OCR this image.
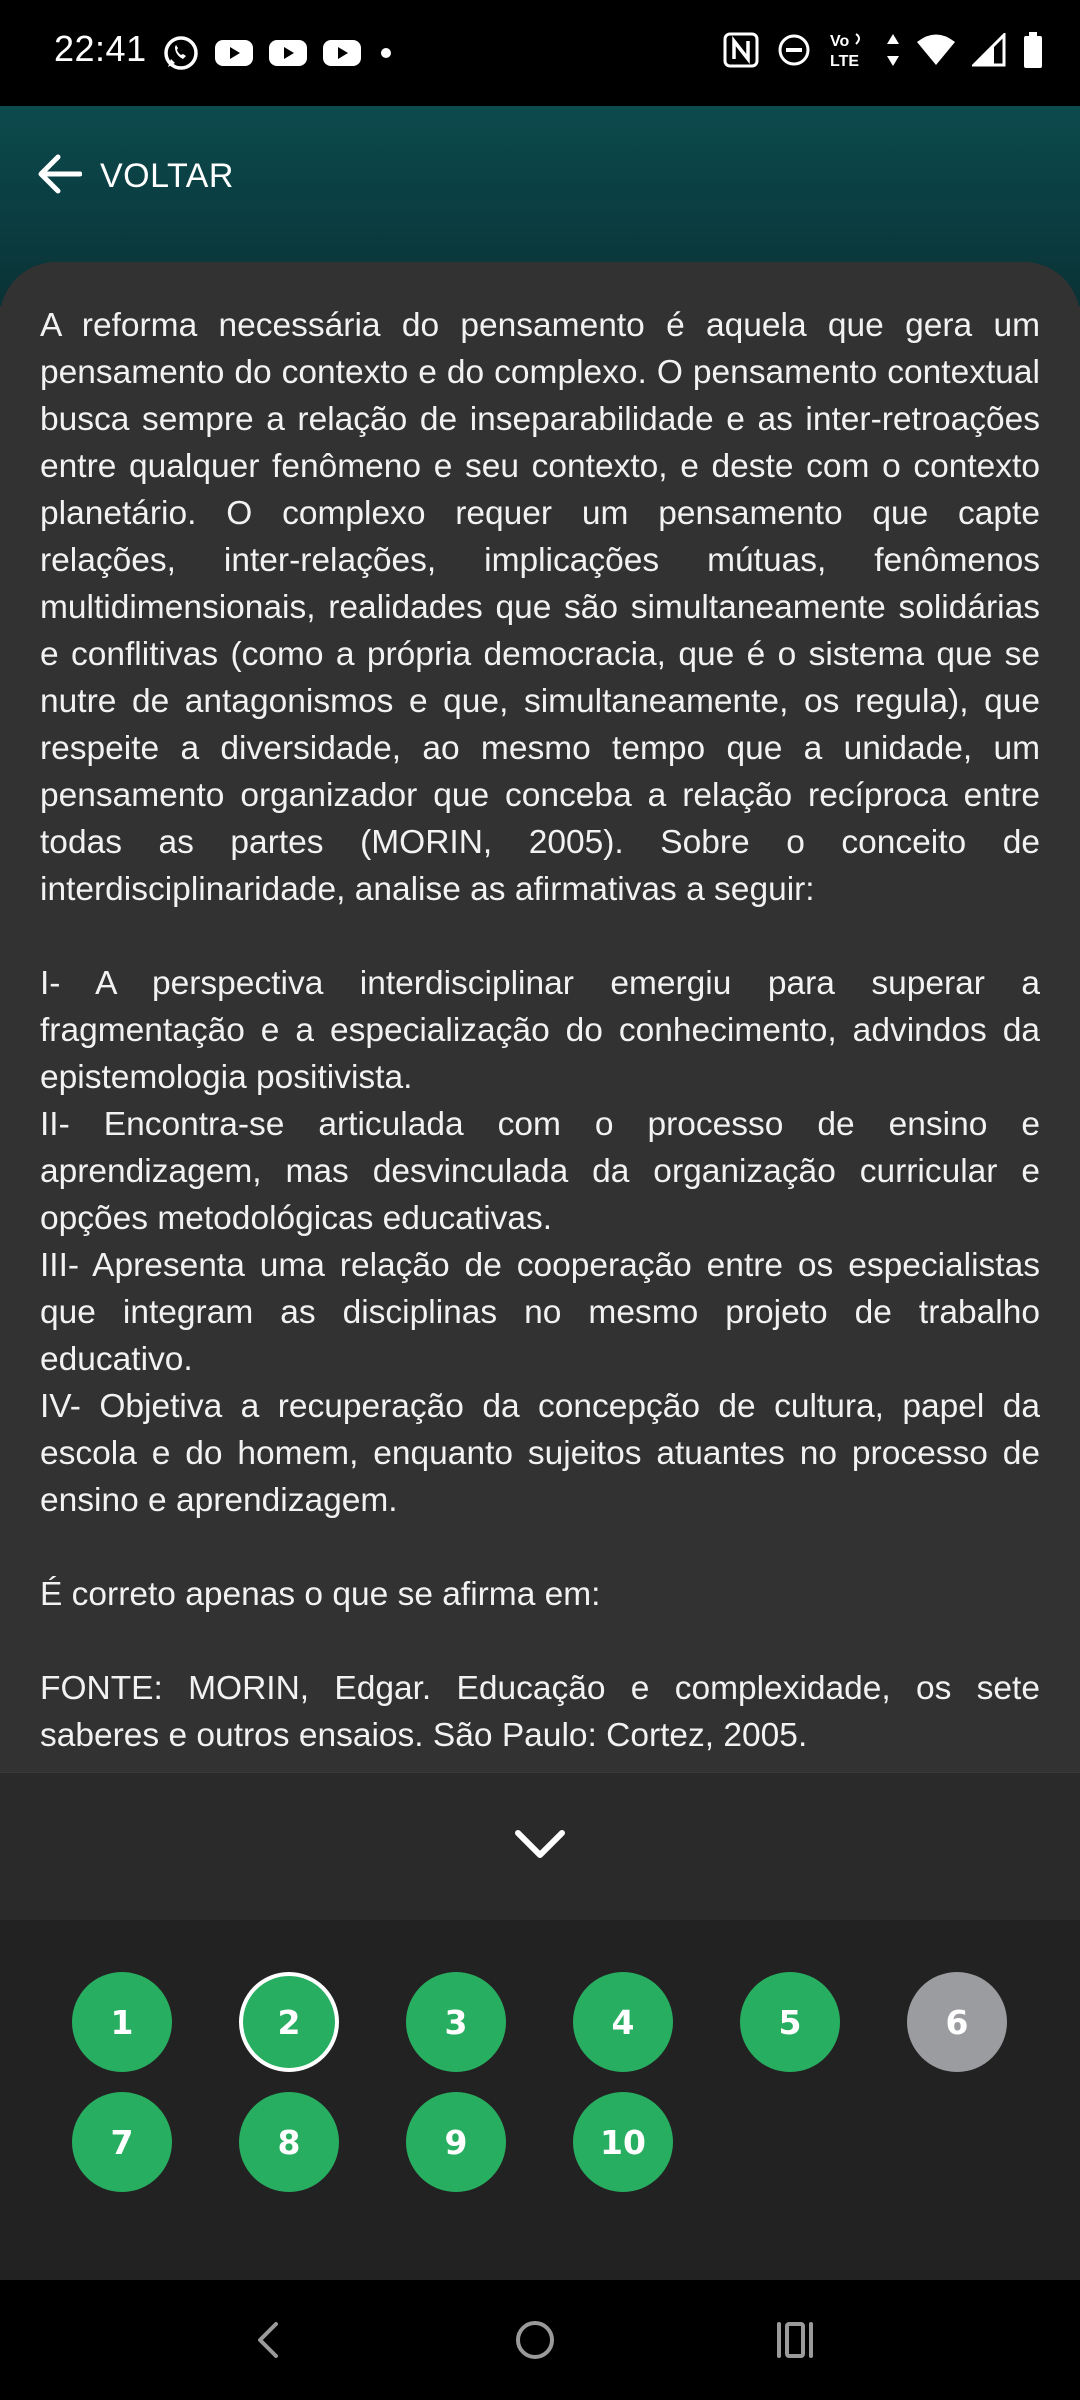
22:41	Vo
LTE
VOLTAR

A reforma necessária do pensamento é aquela que gera um pensamento do contexto e do complexo. O pensamento contextual busca sempre a relação de inseparabilidade e as inter-retroações entre qualquer fenômeno e seu contexto, e deste com o contexto planetário. O complexo requer um pensamento que capte relações, inter-relações, implicações mútuas, fenômenos multidimensionais, realidades que são simultaneamente solidárias e conflitivas (como a própria democracia, que é o sistema que se nutre de antagonismos e que, simultaneamente, os regula), que respeite a diversidade, ao mesmo tempo que a unidade, um pensamento organizador que conceba a relação recíproca entre todas as partes (MORIN, 2005). Sobre o conceito de interdisciplinaridade, analise as afirmativas a seguir:

I- A perspectiva interdisciplinar emergiu para superar a fragmentação e a especialização do conhecimento, advindos da epistemologia positivista.

II- Encontra-se articulada com o processo de ensino e aprendizagem, mas desvinculada da organização curricular e opções metodológicas educativas.

III- Apresenta uma relação de cooperação entre os especialistas que integram as disciplinas no mesmo projeto de trabalho educativo.

IV- Objetiva a recuperação da concepção de cultura, papel da escola e do homem, enquanto sujeitos atuantes no processo de ensino e aprendizagem.

É correto apenas o que se afirma em:

FONTE: MORIN, Edgar. Educação e complexidade, os sete saberes e outros ensaios. São Paulo: Cortez, 2005.

1	2	3	4	5	6
7	8	9	10
